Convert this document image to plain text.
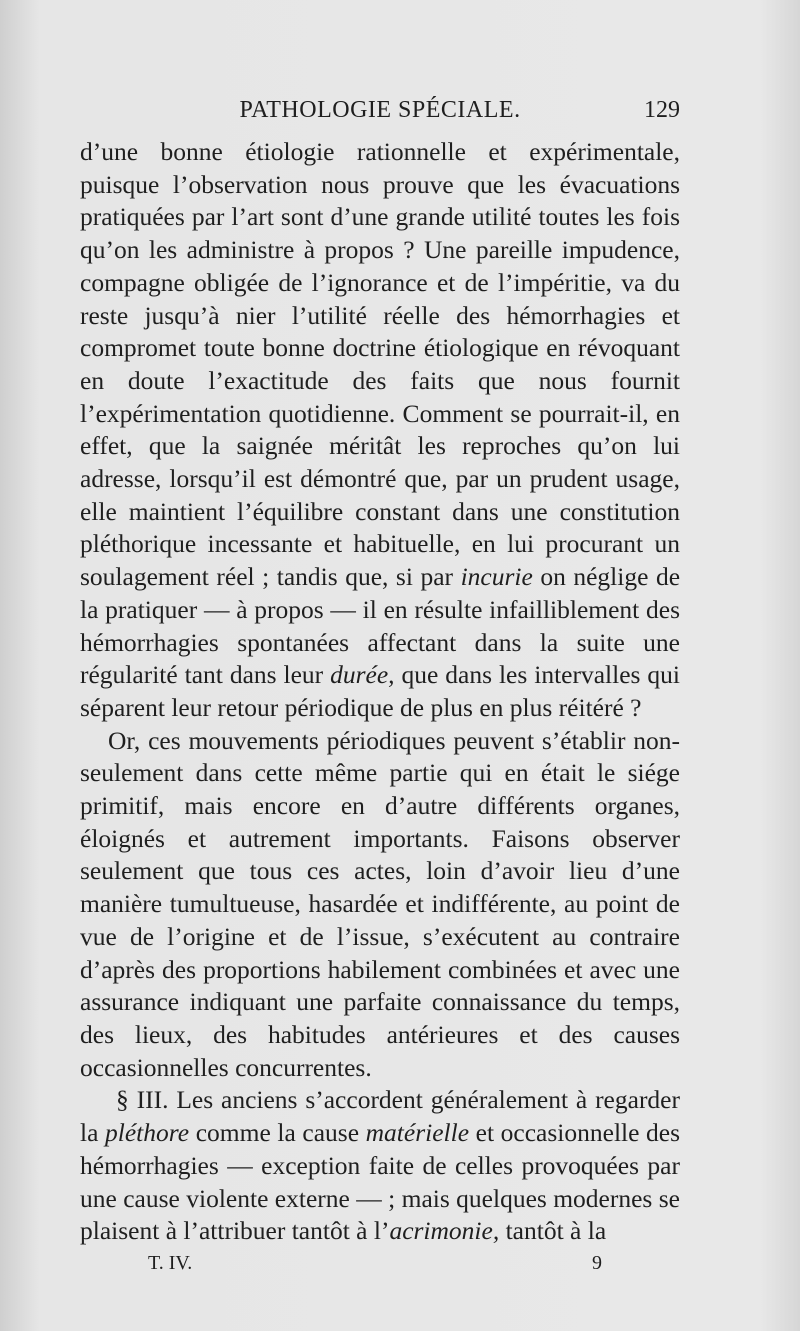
PATHOLOGIE SPÉCIALE.	129

d’une bonne étiologie rationnelle et expérimentale, puisque l’observation nous prouve que les évacuations pratiquées par l’art sont d’une grande utilité toutes les fois qu’on les administre à propos ? Une pareille impudence, compagne obligée de l’ignorance et de l’impéritie, va du reste jusqu’à nier l’utilité réelle des hémorrhagies et compromet toute bonne doctrine étiologique en révoquant en doute l’exactitude des faits que nous fournit l’expérimentation quotidienne. Comment se pourrait-il, en effet, que la saignée méritât les reproches qu’on lui adresse, lorsqu’il est démontré que, par un prudent usage, elle maintient l’équilibre constant dans une constitution pléthorique incessante et habituelle, en lui procurant un soulagement réel ; tandis que, si par incurie on néglige de la pratiquer — à propos — il en résulte infailliblement des hémorrhagies spontanées affectant dans la suite une régularité tant dans leur durée, que dans les intervalles qui séparent leur retour périodique de plus en plus réitéré ?

Or, ces mouvements périodiques peuvent s’établir non-seulement dans cette même partie qui en était le siége primitif, mais encore en d’autre différents organes, éloignés et autrement importants. Faisons observer seulement que tous ces actes, loin d’avoir lieu d’une manière tumultueuse, hasardée et indifférente, au point de vue de l’origine et de l’issue, s’exécutent au contraire d’après des proportions habilement combinées et avec une assurance indiquant une parfaite connaissance du temps, des lieux, des habitudes antérieures et des causes occasionnelles concurrentes.

§ III. Les anciens s’accordent généralement à regarder la pléthore comme la cause matérielle et occasionnelle des hémorrhagies — exception faite de celles provoquées par une cause violente externe — ; mais quelques modernes se plaisent à l’attribuer tantôt à l’acrimonie, tantôt à la

T. IV.	9
